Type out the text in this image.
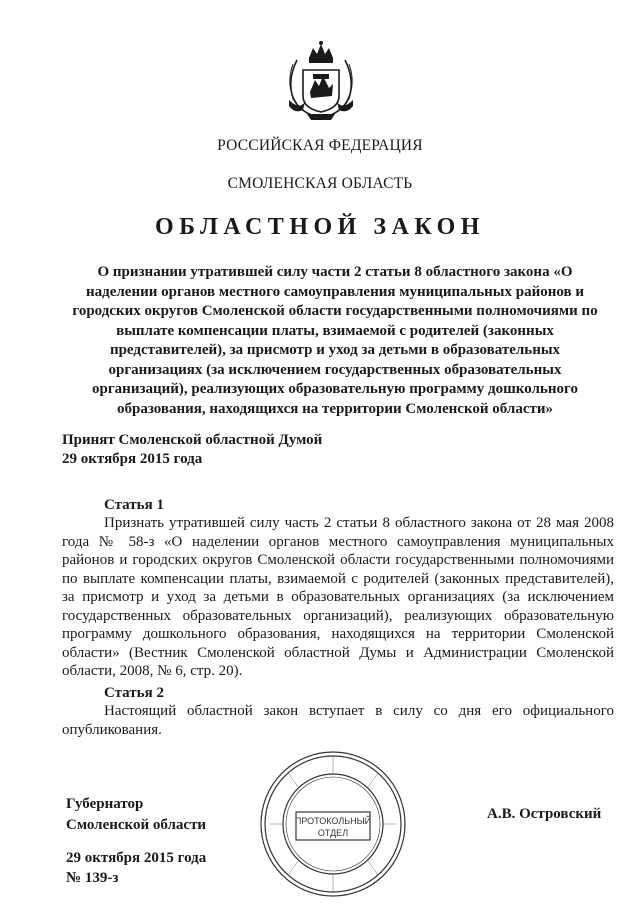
РОССИЙСКАЯ ФЕДЕРАЦИЯ
СМОЛЕНСКАЯ ОБЛАСТЬ
ОБЛАСТНОЙ ЗАКОН
О признании утратившей силу части 2 статьи 8 областного закона «О наделении органов местного самоуправления муниципальных районов и городских округов Смоленской области государственными полномочиями по выплате компенсации платы, взимаемой с родителей (законных представителей), за присмотр и уход за детьми в образовательных организациях (за исключением государственных образовательных организаций), реализующих образовательную программу дошкольного образования, находящихся на территории Смоленской области»
Принят Смоленской областной Думой
29 октября 2015 года
Статья 1
Признать утратившей силу часть 2 статьи 8 областного закона от 28 мая 2008 года № 58-з «О наделении органов местного самоуправления муниципальных районов и городских округов Смоленской области государственными полномочиями по выплате компенсации платы, взимаемой с родителей (законных представителей), за присмотр и уход за детьми в образовательных организациях (за исключением государственных образовательных организаций), реализующих образовательную программу дошкольного образования, находящихся на территории Смоленской области» (Вестник Смоленской областной Думы и Администрации Смоленской области, 2008, № 6, стр. 20).
Статья 2
Настоящий областной закон вступает в силу со дня его официального опубликования.
ПРОТОКОЛЬНЫЙ
ОТДЕЛ
Губернатор
Смоленской области
А.В. Островский
29 октября 2015 года
№ 139-з
